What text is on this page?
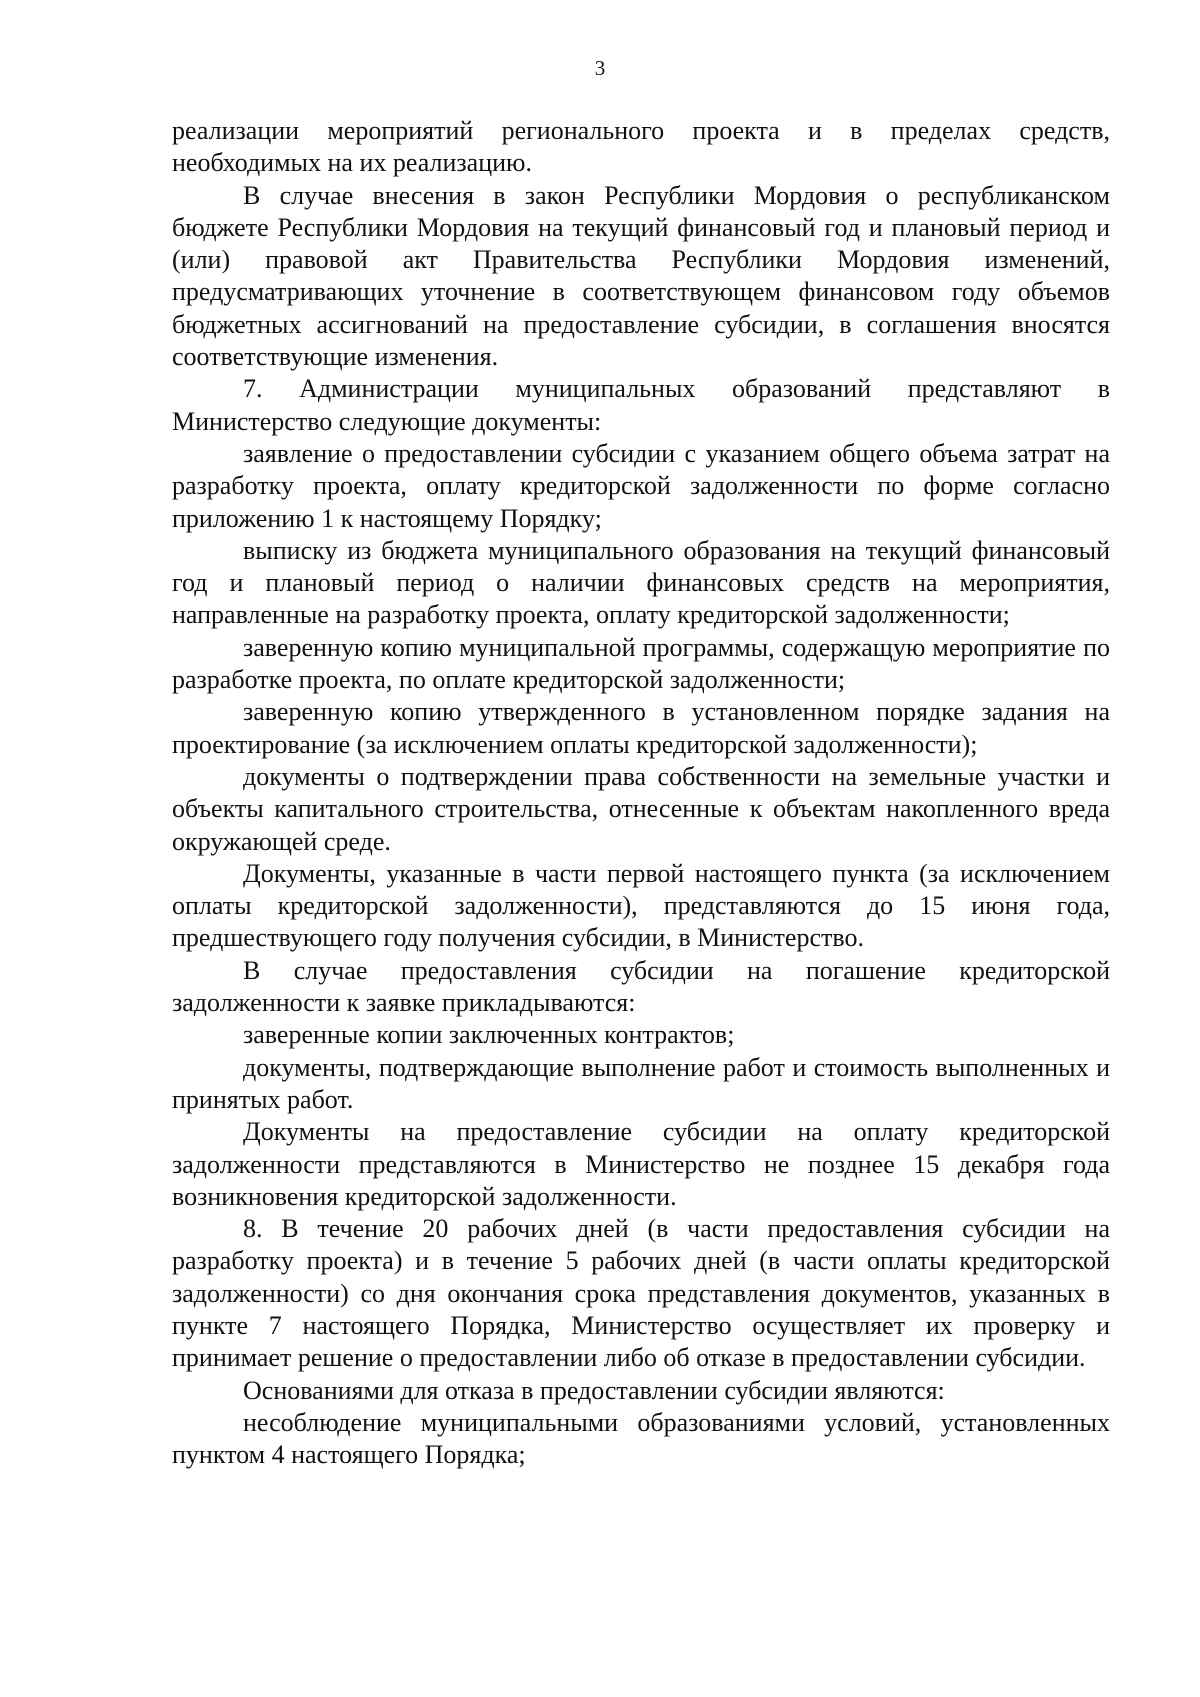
3

реализации мероприятий регионального проекта и в пределах средств, необходимых на их реализацию.

В случае внесения в закон Республики Мордовия о республиканском бюджете Республики Мордовия на текущий финансовый год и плановый период и (или) правовой акт Правительства Республики Мордовия изменений, предусматривающих уточнение в соответствующем финансовом году объемов бюджетных ассигнований на предоставление субсидии, в соглашения вносятся соответствующие изменения.

7. Администрации муниципальных образований представляют в Министерство следующие документы:

заявление о предоставлении субсидии с указанием общего объема затрат на разработку проекта, оплату кредиторской задолженности по форме согласно приложению 1 к настоящему Порядку;

выписку из бюджета муниципального образования на текущий финансовый год и плановый период о наличии финансовых средств на мероприятия, направленные на разработку проекта, оплату кредиторской задолженности;

заверенную копию муниципальной программы, содержащую мероприятие по разработке проекта, по оплате кредиторской задолженности;

заверенную копию утвержденного в установленном порядке задания на проектирование (за исключением оплаты кредиторской задолженности);

документы о подтверждении права собственности на земельные участки и объекты капитального строительства, отнесенные к объектам накопленного вреда окружающей среде.

Документы, указанные в части первой настоящего пункта (за исключением оплаты кредиторской задолженности), представляются до 15 июня года, предшествующего году получения субсидии, в Министерство.

В случае предоставления субсидии на погашение кредиторской задолженности к заявке прикладываются:

заверенные копии заключенных контрактов;

документы, подтверждающие выполнение работ и стоимость выполненных и принятых работ.

Документы на предоставление субсидии на оплату кредиторской задолженности представляются в Министерство не позднее 15 декабря года возникновения кредиторской задолженности.

8. В течение 20 рабочих дней (в части предоставления субсидии на разработку проекта) и в течение 5 рабочих дней (в части оплаты кредиторской задолженности) со дня окончания срока представления документов, указанных в пункте 7 настоящего Порядка, Министерство осуществляет их проверку и принимает решение о предоставлении либо об отказе в предоставлении субсидии.

Основаниями для отказа в предоставлении субсидии являются:

несоблюдение муниципальными образованиями условий, установленных пунктом 4 настоящего Порядка;
